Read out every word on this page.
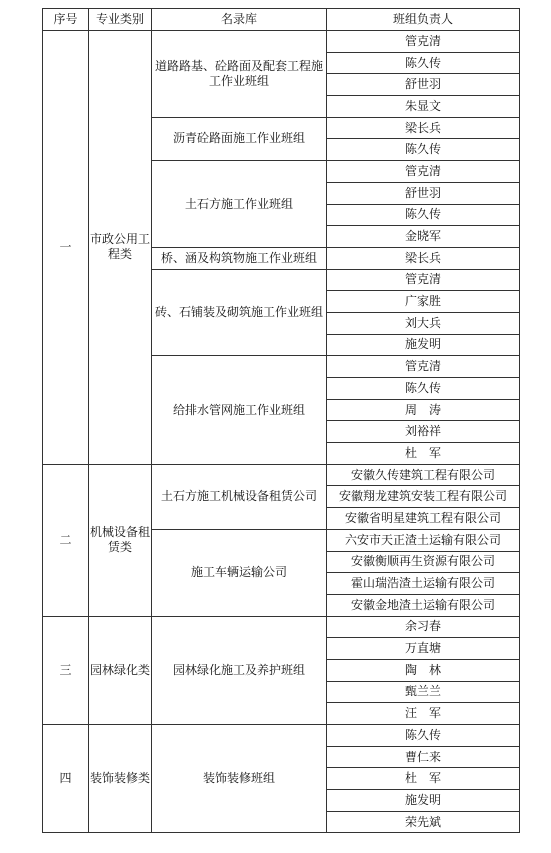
序号	专业类别	名录库	班组负责人
一	市政公用工程类	道路路基、砼路面及配套工程施工作业班组	管克清
			陈久传
			舒世羽
			朱显文
		沥青砼路面施工作业班组	梁长兵
			陈久传
		土石方施工作业班组	管克清
			舒世羽
			陈久传
			金晓军
		桥、涵及构筑物施工作业班组	梁长兵
		砖、石铺装及砌筑施工作业班组	管克清
			广家胜
			刘大兵
			施发明
		给排水管网施工作业班组	管克清
			陈久传
			周　涛
			刘裕祥
			杜　军
二	机械设备租赁类	土石方施工机械设备租赁公司	安徽久传建筑工程有限公司
			安徽翔龙建筑安装工程有限公司
			安徽省明星建筑工程有限公司
		施工车辆运输公司	六安市天正渣土运输有限公司
			安徽衡顺再生资源有限公司
			霍山瑞浩渣土运输有限公司
			安徽金地渣土运输有限公司
三	园林绿化类	园林绿化施工及养护班组	余习春
			万直塘
			陶　林
			甄兰兰
			汪　军
四	装饰装修类	装饰装修班组	陈久传
			曹仁来
			杜　军
			施发明
			荣先斌
